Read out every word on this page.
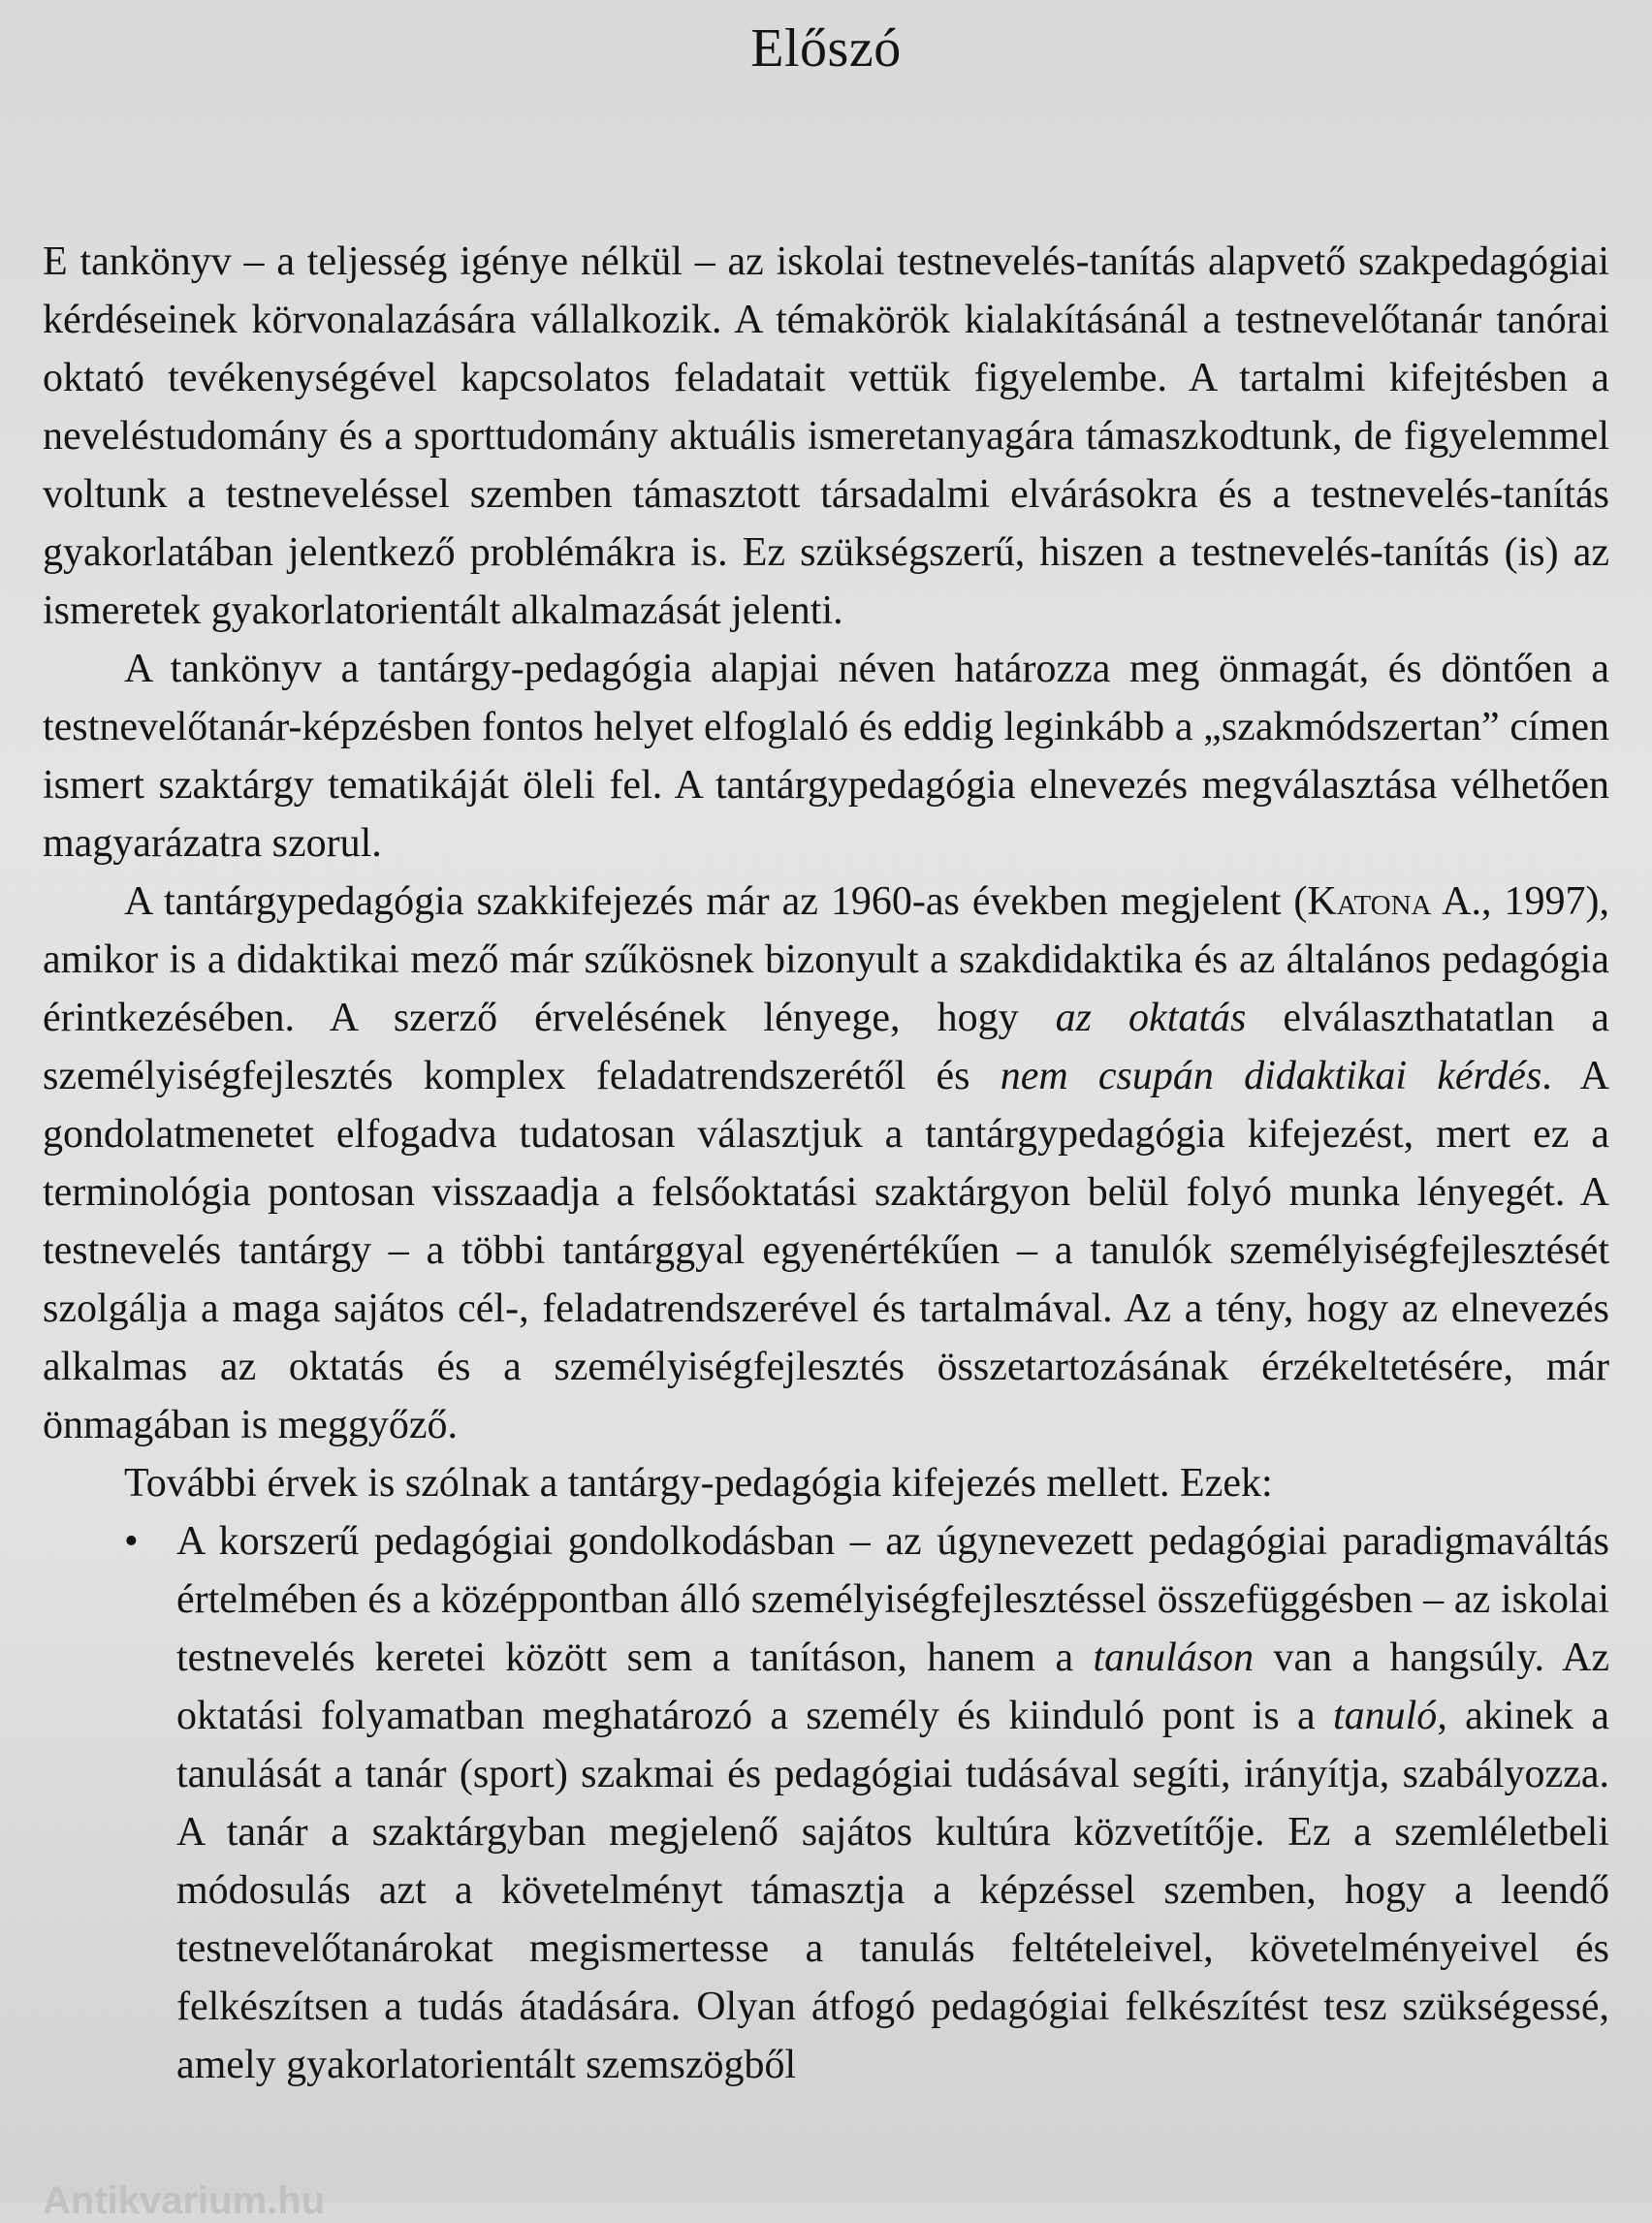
Előszó

E tankönyv – a teljesség igénye nélkül – az iskolai testnevelés-tanítás alapvető szakpedagógiai kérdéseinek körvonalazására vállalkozik. A témakörök kialakításánál a testnevelőtanár tanórai oktató tevékenységével kapcsolatos feladatait vettük figyelembe. A tartalmi kifejtésben a neveléstudomány és a sporttudomány aktuális ismeretanyagára támaszkodtunk, de figyelemmel voltunk a testneveléssel szemben támasztott társadalmi elvárásokra és a testnevelés-tanítás gyakorlatában jelentkező problémákra is. Ez szükségszerű, hiszen a testnevelés-tanítás (is) az ismeretek gyakorlatorientált alkalmazását jelenti.

A tankönyv a tantárgy-pedagógia alapjai néven határozza meg önmagát, és döntően a testnevelőtanár-képzésben fontos helyet elfoglaló és eddig leginkább a „szakmódszertan” címen ismert szaktárgy tematikáját öleli fel. A tantárgypedagógia elnevezés megválasztása vélhetően magyarázatra szorul.

A tantárgypedagógia szakkifejezés már az 1960-as években megjelent (Katona A., 1997), amikor is a didaktikai mező már szűkösnek bizonyult a szakdidaktika és az általános pedagógia érintkezésében. A szerző érvelésének lényege, hogy az oktatás elválaszthatatlan a személyiségfejlesztés komplex feladatrendszerétől és nem csupán didaktikai kérdés. A gondolatmenetet elfogadva tudatosan választjuk a tantárgypedagógia kifejezést, mert ez a terminológia pontosan visszaadja a felsőoktatási szaktárgyon belül folyó munka lényegét. A testnevelés tantárgy – a többi tantárggyal egyenértékűen – a tanulók személyiségfejlesztését szolgálja a maga sajátos cél-, feladatrendszerével és tartalmával. Az a tény, hogy az elnevezés alkalmas az oktatás és a személyiségfejlesztés összetartozásának érzékeltetésére, már önmagában is meggyőző.

További érvek is szólnak a tantárgy-pedagógia kifejezés mellett. Ezek:

• A korszerű pedagógiai gondolkodásban – az úgynevezett pedagógiai paradigmaváltás értelmében és a középpontban álló személyiségfejlesztéssel összefüggésben – az iskolai testnevelés keretei között sem a tanításon, hanem a tanuláson van a hangsúly. Az oktatási folyamatban meghatározó a személy és kiinduló pont is a tanuló, akinek a tanulását a tanár (sport) szakmai és pedagógiai tudásával segíti, irányítja, szabályozza. A tanár a szaktárgyban megjelenő sajátos kultúra közvetítője. Ez a szemléletbeli módosulás azt a követelményt támasztja a képzéssel szemben, hogy a leendő testnevelőtanárokat megismertesse a tanulás feltételeivel, követelményeivel és felkészítsen a tudás átadására. Olyan átfogó pedagógiai felkészítést tesz szükségessé, amely gyakorlatorientált szemszögből
Antikvarium.hu
